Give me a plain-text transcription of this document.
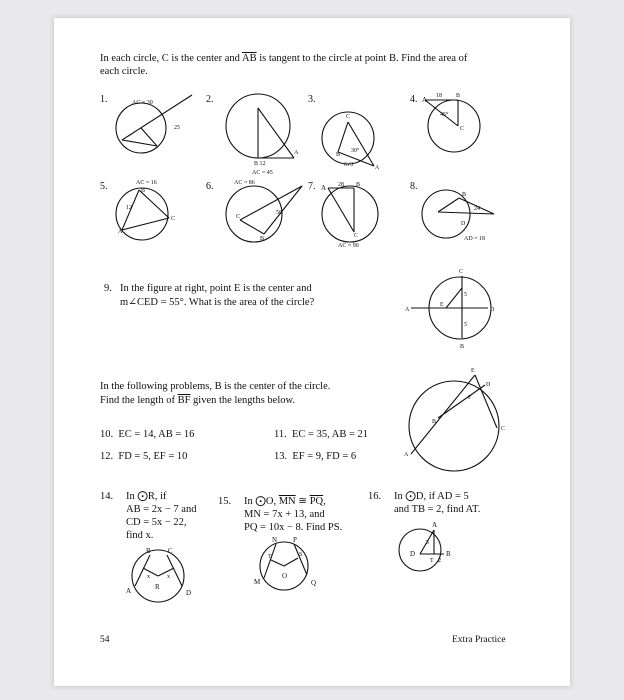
In each circle, C is the center and $\overline{AB}$ is tangent to the circle at point B. Find the area of
each circle.
1.	2.	3.	4.
5.	6.	7.	8.
AC = 30
25
B 12
AC = 45
A
C
30°
B
6√3	A
A 18 B
45°
C
AC = 16
B
12
A
C
AC = 86
C
56
B
A 28 B
C
AC = 90
24
D
AD = 18
B
C
E
A	D
B
5
5
E
D
F
B
C
A
B C
A	D
R
x	x
N P
M
O
Q
T	S
A
D
T
B
5
2
9. In the figure at right, point E is the center and
m∠CED = 55°. What is the area of the circle?
In the following problems, B is the center of the circle.
Find the length of $\overline{BF}$ given the lengths below.
10. EC = 14, AB = 16	11. EC = 35, AB = 21
12. FD = 5, EF = 10	13. EF = 9, FD = 6
14. In ⨀R, if
AB = 2x − 7 and
CD = 5x − 22,
find x.
15. In ⨀O, $\overline{MN}$ ≅ $\overline{PQ}$,
MN = 7x + 13, and
PQ = 10x − 8. Find PS.
16. In ⨀D, if AD = 5
and TB = 2, find AT.
54	Extra Practice
